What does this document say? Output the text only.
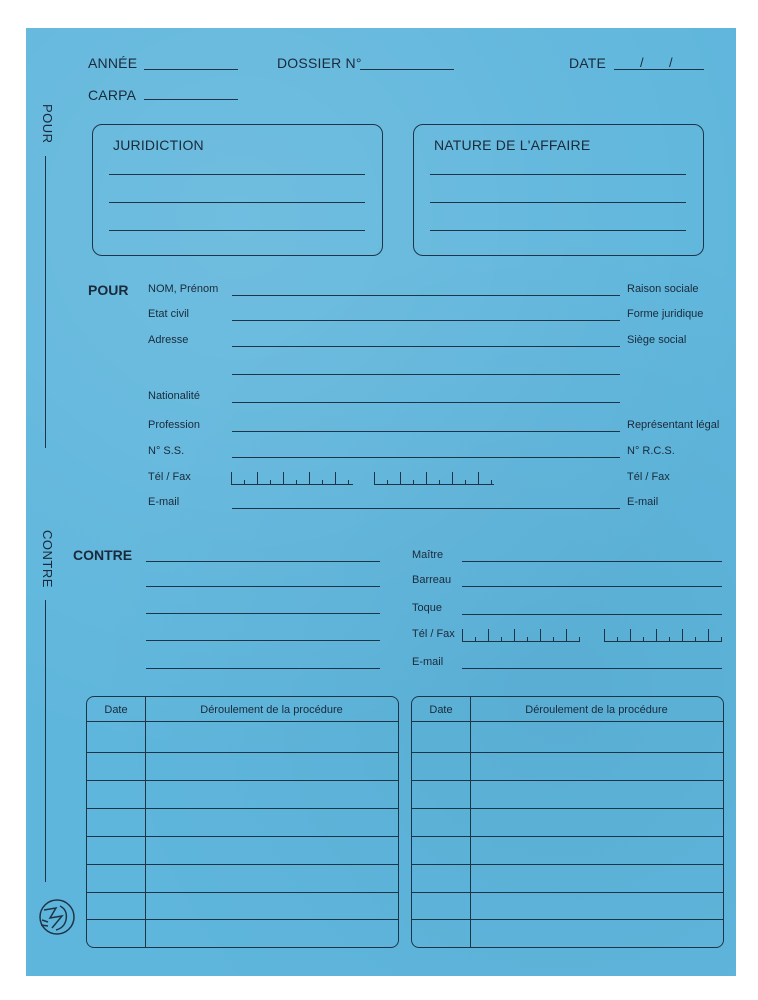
ANNÉE	DOSSIER N°	DATE	/ /
CARPA
POUR
CONTRE
JURIDICTION	NATURE DE L'AFFAIRE
POUR NOM, Prénom	Raison sociale
Etat civil	Forme juridique
Adresse	Siège social
Nationalité
Profession	Représentant légal
N° S.S.	N° R.C.S.
Tél / Fax	Tél / Fax
E-mail	E-mail
CONTRE	Maître
Barreau
Toque
Tél / Fax
E-mail
Date	Déroulement de la procédure	Date	Déroulement de la procédure
